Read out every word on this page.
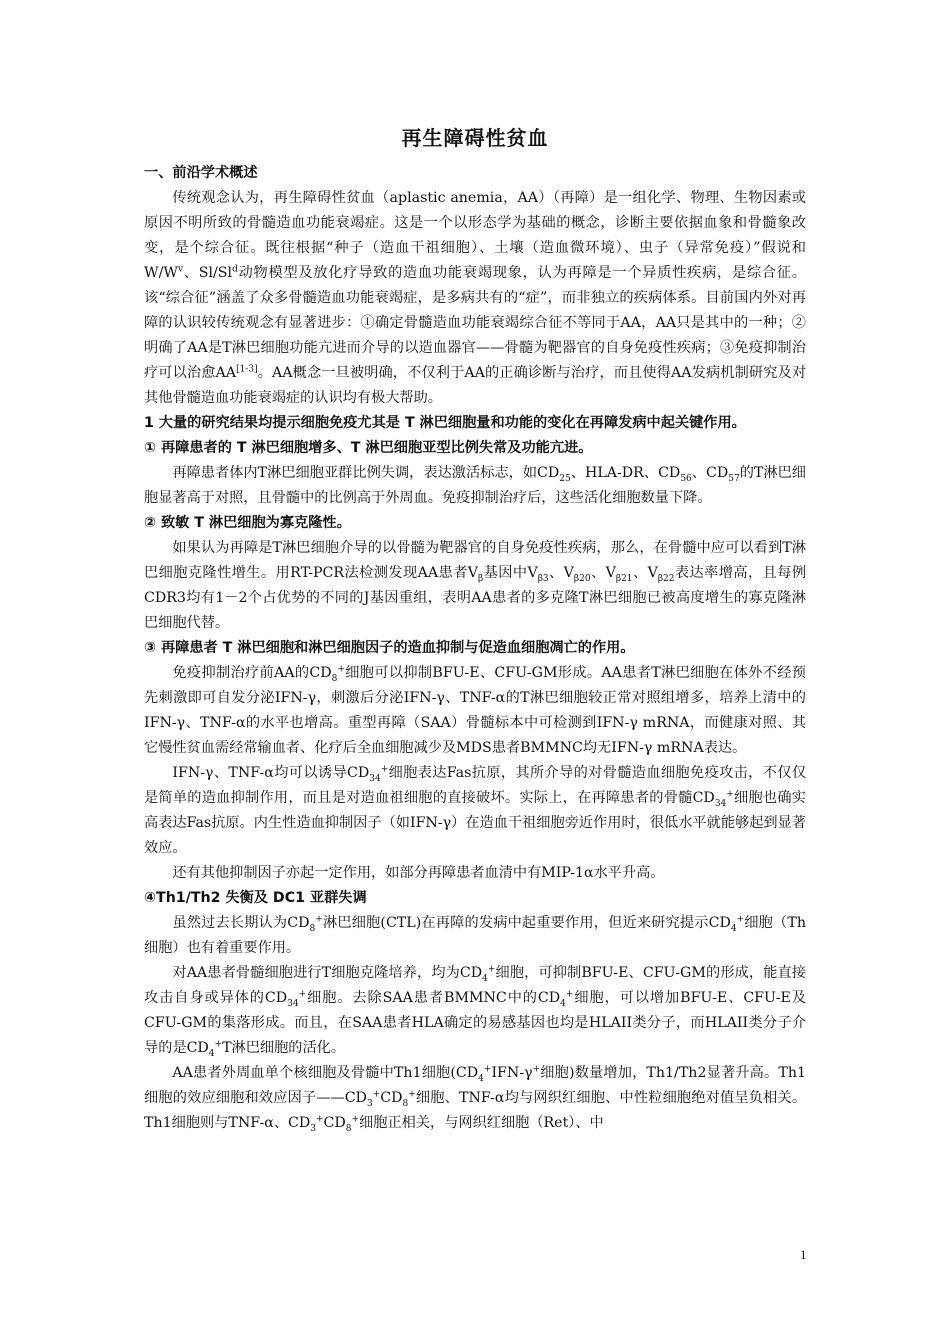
再生障碍性贫血
一、前沿学术概述

传统观念认为，再生障碍性贫血（aplastic anemia，AA）（再障）是一组化学、物理、生物因素或原因不明所致的骨髓造血功能衰竭症。这是一个以形态学为基础的概念，诊断主要依据血象和骨髓象改变，是个综合征。既往根据“种子（造血干祖细胞）、土壤（造血微环境）、虫子（异常免疫）”假说和$W/W^v$、Sl/Sl$^d$动物模型及放化疗导致的造血功能衰竭现象，认为再障是一个异质性疾病，是综合征。该“综合征”涵盖了众多骨髓造血功能衰竭症，是多病共有的“症”，而非独立的疾病体系。目前国内外对再障的认识较传统观念有显著进步：①确定骨髓造血功能衰竭综合征不等同于AA，AA只是其中的一种；②明确了AA是T淋巴细胞功能亢进而介导的以造血器官——骨髓为靶器官的自身免疫性疾病；③免疫抑制治疗可以治愈AA[1-3]。AA概念一旦被明确，不仅利于AA的正确诊断与治疗，而且使得AA发病机制研究及对其他骨髓造血功能衰竭症的认识均有极大帮助。

1 大量的研究结果均提示细胞免疫尤其是 T 淋巴细胞量和功能的变化在再障发病中起关键作用。
① 再障患者的 T 淋巴细胞增多、T 淋巴细胞亚型比例失常及功能亢进。

再障患者体内T淋巴细胞亚群比例失调，表达激活标志，如$CD_{25}$、HLA-DR、$CD_{56}$、$CD_{57}$的T淋巴细胞显著高于对照，且骨髓中的比例高于外周血。免疫抑制治疗后，这些活化细胞数量下降。

② 致敏 T 淋巴细胞为寡克隆性。

如果认为再障是T淋巴细胞介导的以骨髓为靶器官的自身免疫性疾病，那么，在骨髓中应可以看到T淋巴细胞克隆性增生。用RT-PCR法检测发现AA患者$V_\beta$基因中$V_{\beta 3}$、$V_{\beta 20}$、$V_{\beta 21}$、$V_{\beta 22}$表达率增高，且每例CDR3均有1－2个占优势的不同的J基因重组，表明AA患者的多克隆T淋巴细胞已被高度增生的寡克隆淋巴细胞代替。

③ 再障患者 T 淋巴细胞和淋巴细胞因子的造血抑制与促造血细胞凋亡的作用。

免疫抑制治疗前AA的$CD_8^+$细胞可以抑制BFU-E、CFU-GM形成。AA患者T淋巴细胞在体外不经预先刺激即可自发分泌IFN-γ，刺激后分泌IFN-γ、TNF-α的T淋巴细胞较正常对照组增多，培养上清中的IFN-γ、TNF-α的水平也增高。重型再障（SAA）骨髓标本中可检测到IFN-γ mRNA，而健康对照、其它慢性贫血需经常输血者、化疗后全血细胞减少及MDS患者BMMNC均无IFN-γ mRNA表达。

IFN-γ、TNF-α均可以诱导$CD_{34}^+$细胞表达Fas抗原，其所介导的对骨髓造血细胞免疫攻击，不仅仅是简单的造血抑制作用，而且是对造血祖细胞的直接破坏。实际上，在再障患者的骨髓$CD_{34}^+$细胞也确实高表达Fas抗原。内生性造血抑制因子（如IFN-γ）在造血干祖细胞旁近作用时，很低水平就能够起到显著效应。

还有其他抑制因子亦起一定作用，如部分再障患者血清中有MIP-1α水平升高。

④Th1/Th2 失衡及 DC1 亚群失调

虽然过去长期认为$CD_8^+$淋巴细胞(CTL)在再障的发病中起重要作用，但近来研究提示$CD_4^+$细胞（Th细胞）也有着重要作用。

对AA患者骨髓细胞进行T细胞克隆培养，均为$CD_4^+$细胞，可抑制BFU-E、CFU-GM的形成，能直接攻击自身或异体的$CD_{34}^+$细胞。去除SAA患者BMMNC中的$CD_4^+$细胞，可以增加BFU-E、CFU-E及CFU-GM的集落形成。而且，在SAA患者HLA确定的易感基因也均是HLAII类分子，而HLAII类分子介导的是$CD_4^+T$淋巴细胞的活化。

AA患者外周血单个核细胞及骨髓中Th1细胞($CD_4^+IFN-\gamma^+$细胞)数量增加，Th1/Th2显著升高。Th1细胞的效应细胞和效应因子$——CD_3^+CD_8^+$细胞、TNF-α均与网织红细胞、中性粒细胞绝对值呈负相关。Th1细胞则与TNF-α、$CD_3^+CD_8^+$细胞正相关，与网织红细胞（Ret）、中

1
